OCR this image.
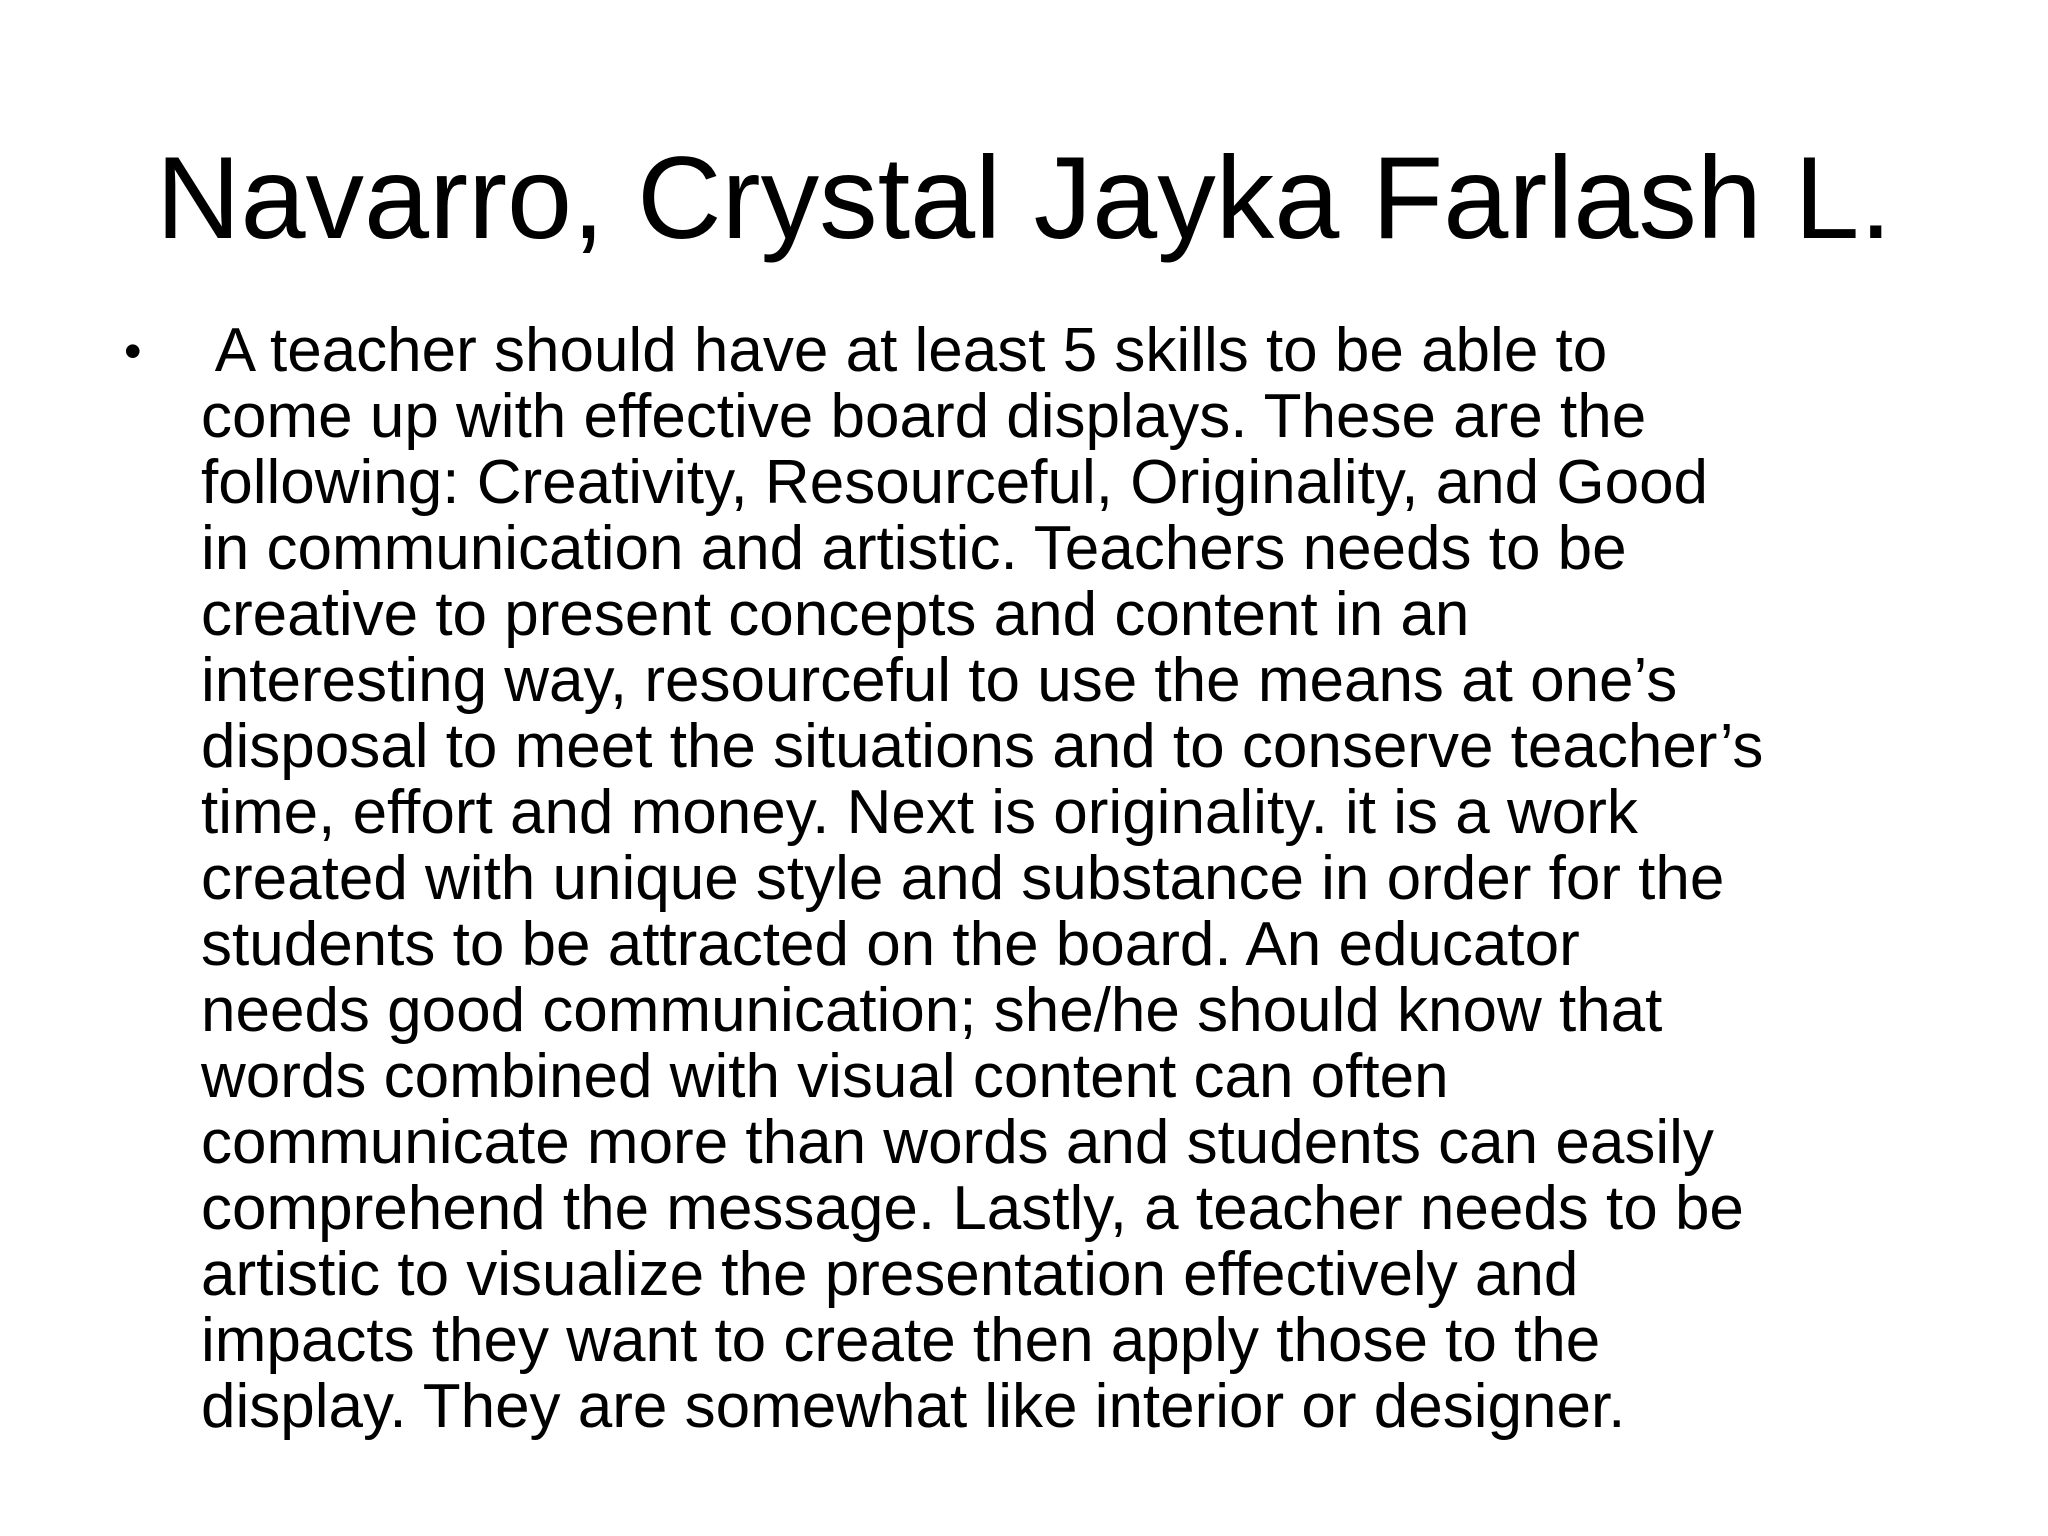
Navarro, Crystal Jayka Farlash L.
• A teacher should have at least 5 skills to be able to
come up with effective board displays. These are the
following: Creativity, Resourceful, Originality, and Good
in communication and artistic. Teachers needs to be
creative to present concepts and content in an
interesting way, resourceful to use the means at one’s
disposal to meet the situations and to conserve teacher’s
time, effort and money. Next is originality. it is a work
created with unique style and substance in order for the
students to be attracted on the board. An educator
needs good communication; she/he should know that
words combined with visual content can often
communicate more than words and students can easily
comprehend the message. Lastly, a teacher needs to be
artistic to visualize the presentation effectively and
impacts they want to create then apply those to the
display. They are somewhat like interior or designer.
